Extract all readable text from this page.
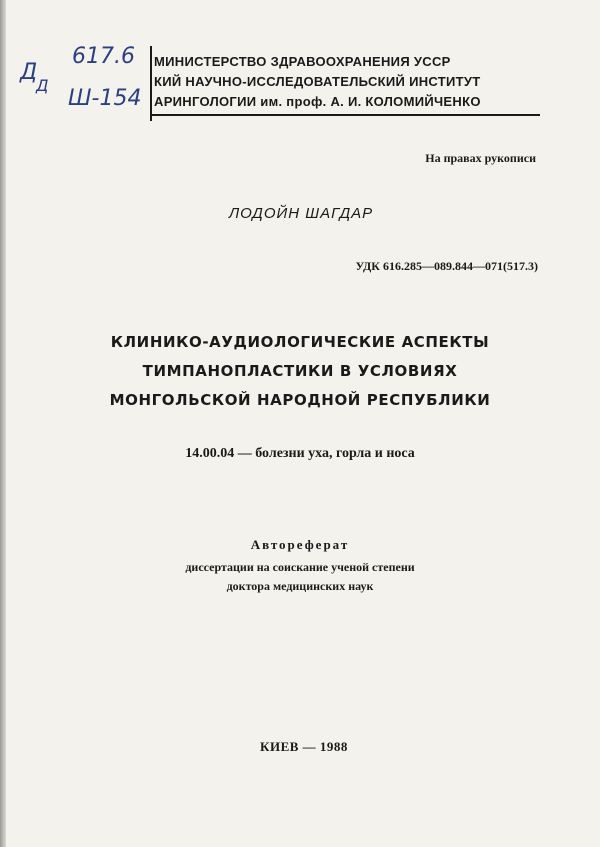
Д
Д
617.6
Ш-154
МИНИСТЕРСТВО ЗДРАВООХРАНЕНИЯ УССР
КИЙ НАУЧНО-ИССЛЕДОВАТЕЛЬСКИЙ ИНСТИТУТ
АРИНГОЛОГИИ им. проф. А. И. КОЛОМИЙЧЕНКО
На правах рукописи
ЛОДОЙН ШАГДАР
УДК 616.285—089.844—071(517.3)
КЛИНИКО-АУДИОЛОГИЧЕСКИЕ АСПЕКТЫ
ТИМПАНОПЛАСТИКИ В УСЛОВИЯХ
МОНГОЛЬСКОЙ НАРОДНОЙ РЕСПУБЛИКИ
14.00.04 — болезни уха, горла и носа
Автореферат
диссертации на соискание ученой степени
доктора медицинских наук
КИЕВ — 1988
